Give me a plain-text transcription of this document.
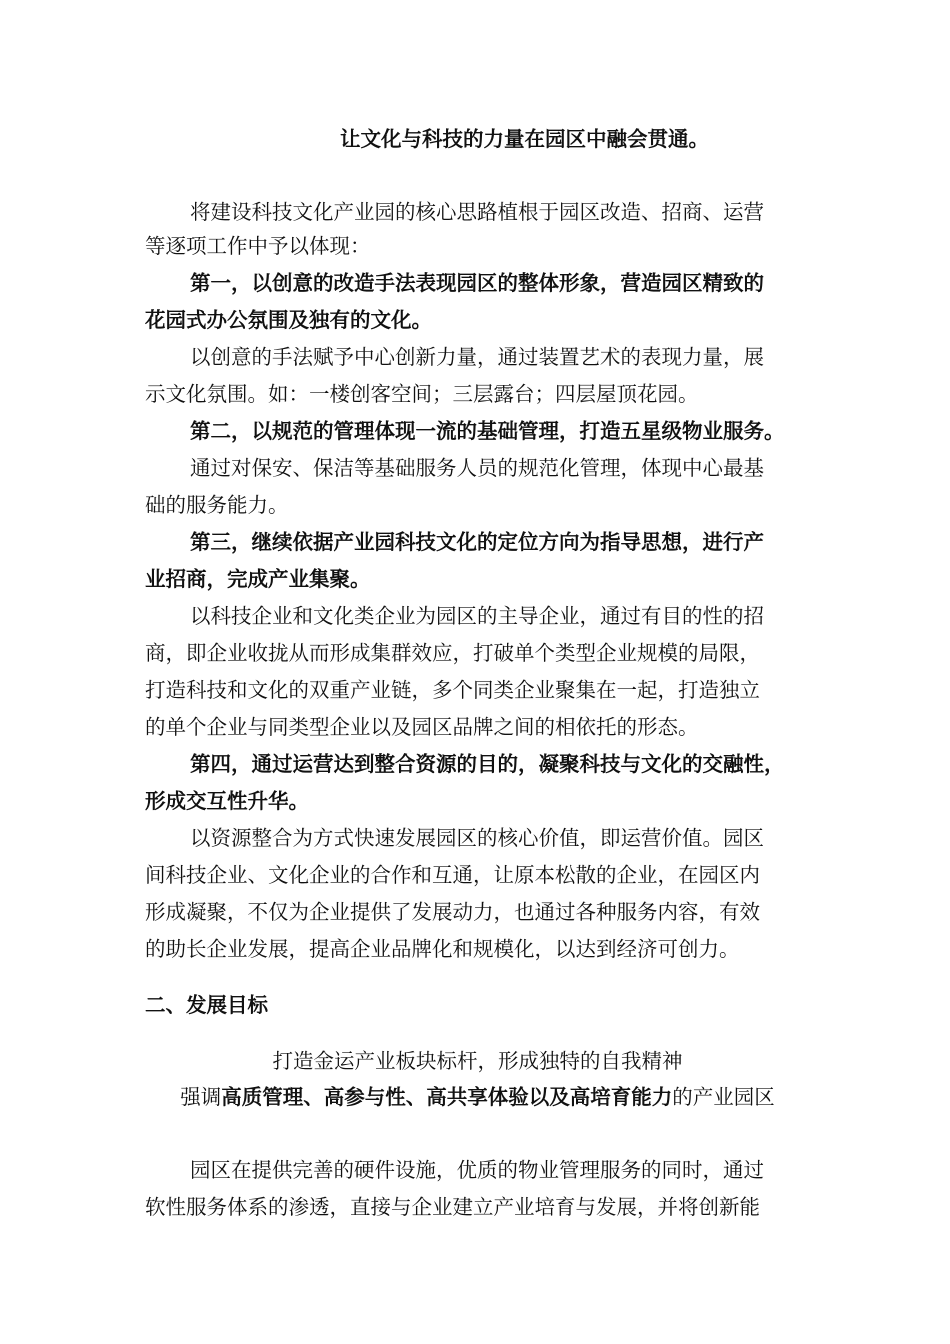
让文化与科技的力量在园区中融会贯通。
将建设科技文化产业园的核心思路植根于园区改造、招商、运营
等逐项工作中予以体现：
第一，以创意的改造手法表现园区的整体形象，营造园区精致的
花园式办公氛围及独有的文化。
以创意的手法赋予中心创新力量，通过装置艺术的表现力量，展
示文化氛围。如：一楼创客空间；三层露台；四层屋顶花园。
第二，以规范的管理体现一流的基础管理，打造五星级物业服务。
通过对保安、保洁等基础服务人员的规范化管理，体现中心最基
础的服务能力。
第三，继续依据产业园科技文化的定位方向为指导思想，进行产
业招商，完成产业集聚。
以科技企业和文化类企业为园区的主导企业，通过有目的性的招
商，即企业收拢从而形成集群效应，打破单个类型企业规模的局限，
打造科技和文化的双重产业链，多个同类企业聚集在一起，打造独立
的单个企业与同类型企业以及园区品牌之间的相依托的形态。
第四，通过运营达到整合资源的目的，凝聚科技与文化的交融性，
形成交互性升华。
以资源整合为方式快速发展园区的核心价值，即运营价值。园区
间科技企业、文化企业的合作和互通，让原本松散的企业，在园区内
形成凝聚，不仅为企业提供了发展动力，也通过各种服务内容，有效
的助长企业发展，提高企业品牌化和规模化，以达到经济可创力。
二、发展目标
打造金运产业板块标杆，形成独特的自我精神
强调高质管理、高参与性、高共享体验以及高培育能力的产业园区
园区在提供完善的硬件设施，优质的物业管理服务的同时，通过
软性服务体系的渗透，直接与企业建立产业培育与发展，并将创新能
